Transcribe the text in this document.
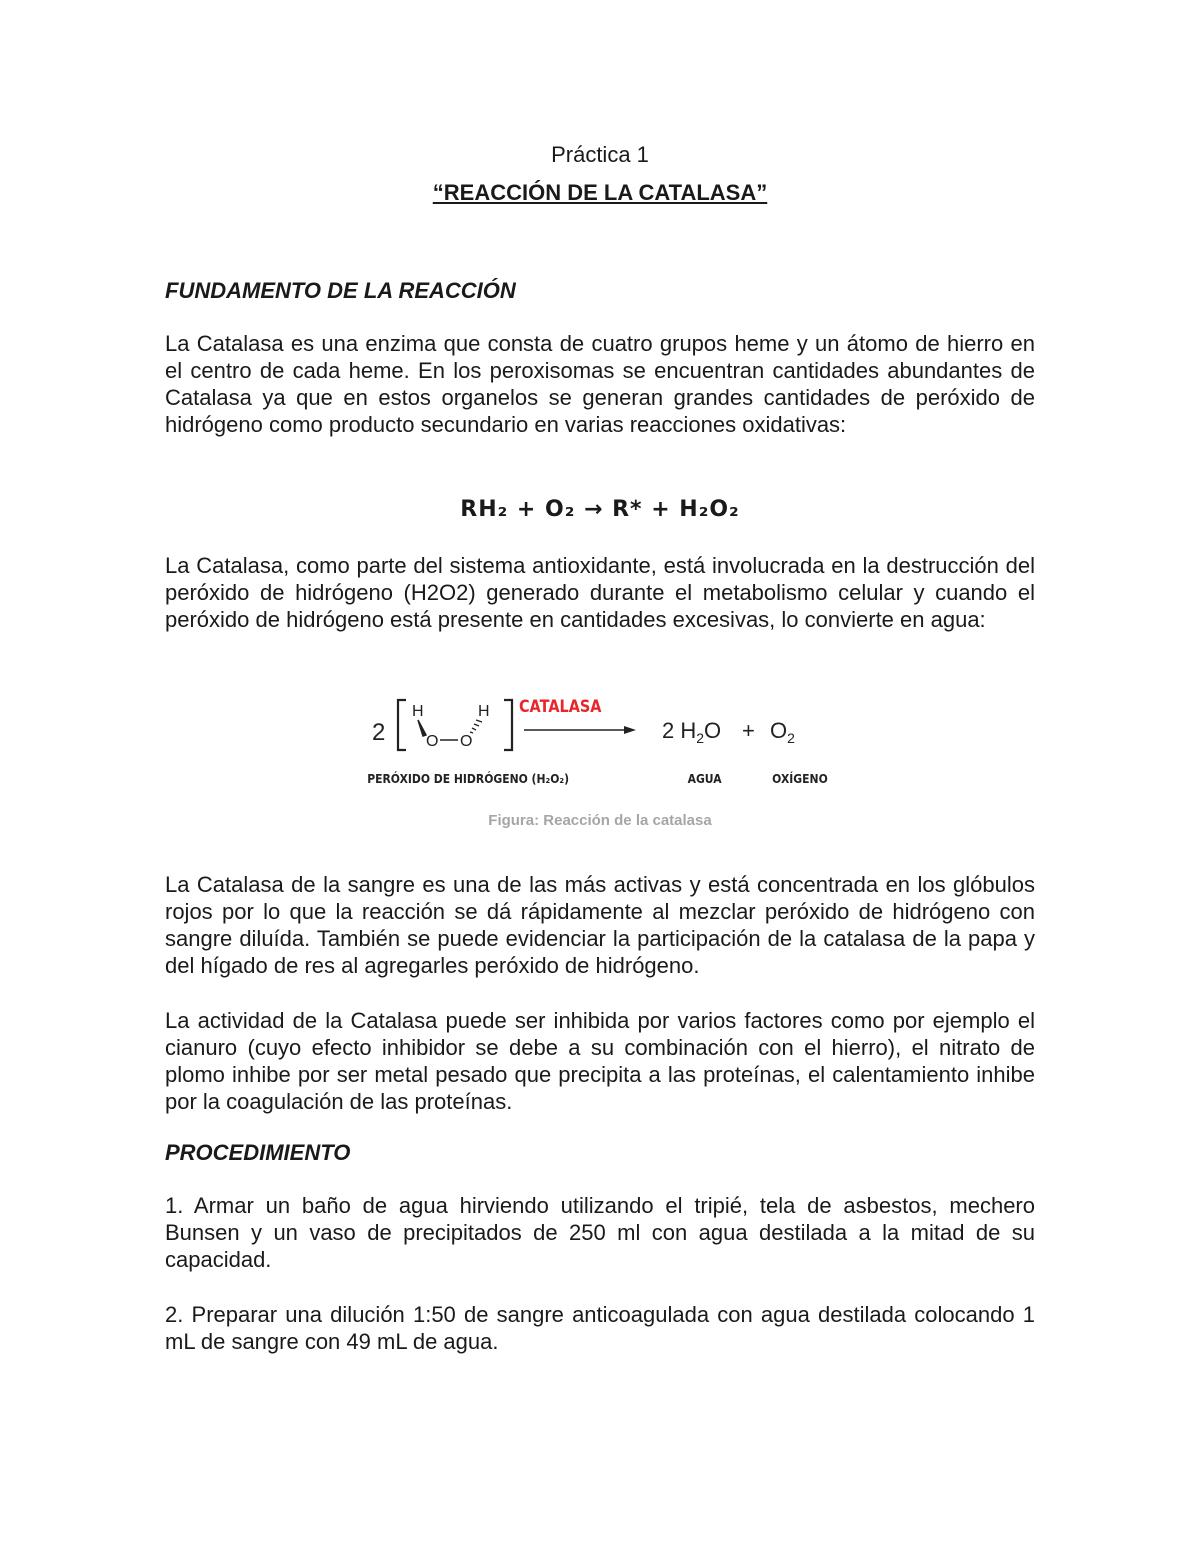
Práctica 1
“REACCIÓN DE LA CATALASA”
FUNDAMENTO DE LA REACCIÓN

La Catalasa es una enzima que consta de cuatro grupos heme y un átomo de hierro en el centro de cada heme. En los peroxisomas se encuentran cantidades abundantes de Catalasa ya que en estos organelos se generan grandes cantidades de peróxido de hidrógeno como producto secundario en varias reacciones oxidativas:

RH₂ + O₂ → R* + H₂O₂

La Catalasa, como parte del sistema antioxidante, está involucrada en la destrucción del peróxido de hidrógeno (H2O2) generado durante el metabolismo celular y cuando el peróxido de hidrógeno está presente en cantidades excesivas, lo convierte en agua:

2
H
O O
H CATALASA
2 $H_2O + O_2$
PERÓXIDO DE HIDRÓGENO (H₂O₂)	AGUA	OXÍGENO
Figura: Reacción de la catalasa

La Catalasa de la sangre es una de las más activas y está concentrada en los glóbulos rojos por lo que la reacción se dá rápidamente al mezclar peróxido de hidrógeno con sangre diluída. También se puede evidenciar la participación de la catalasa de la papa y del hígado de res al agregarles peróxido de hidrógeno.

La actividad de la Catalasa puede ser inhibida por varios factores como por ejemplo el cianuro (cuyo efecto inhibidor se debe a su combinación con el hierro), el nitrato de plomo inhibe por ser metal pesado que precipita a las proteínas, el calentamiento inhibe por la coagulación de las proteínas.

PROCEDIMIENTO

1. Armar un baño de agua hirviendo utilizando el tripié, tela de asbestos, mechero Bunsen y un vaso de precipitados de 250 ml con agua destilada a la mitad de su capacidad.

2. Preparar una dilución 1:50 de sangre anticoagulada con agua destilada colocando 1 mL de sangre con 49 mL de agua.
